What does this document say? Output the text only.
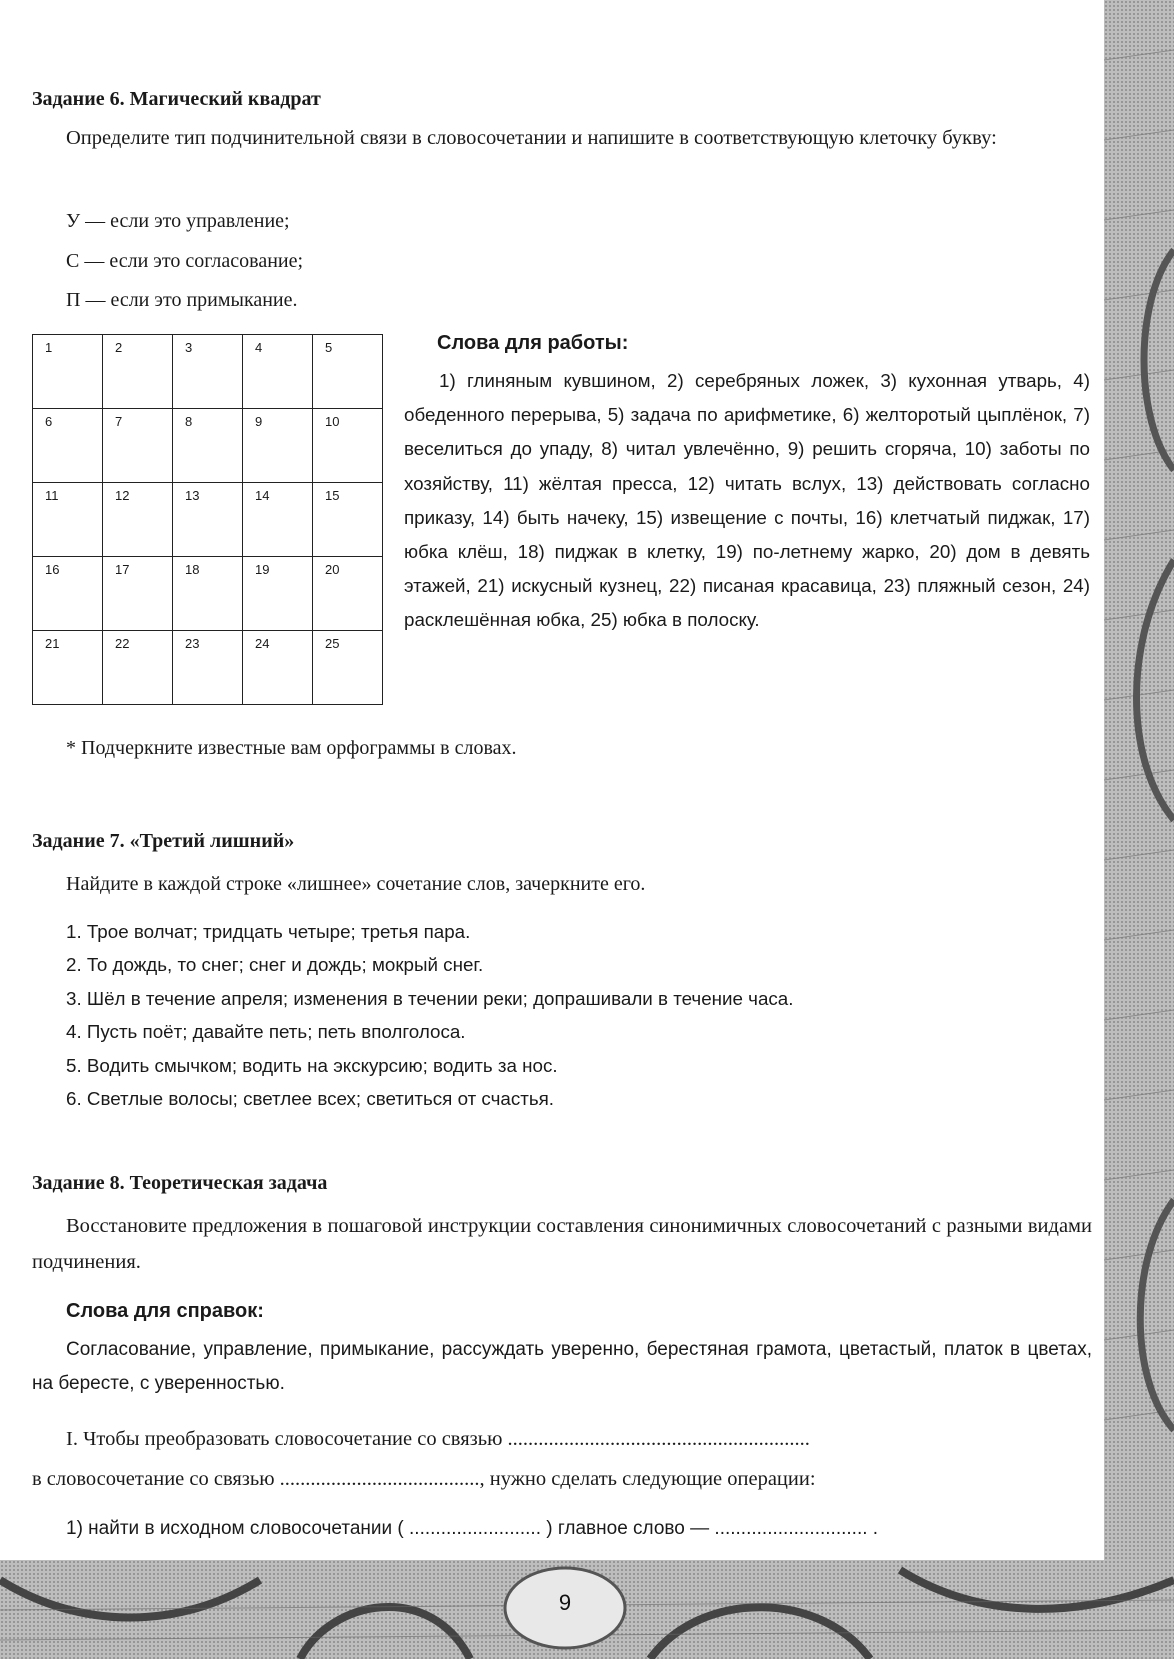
Задание 6. Магический квадрат
Определите тип подчинительной связи в словосочетании и напишите в соответствующую клеточку букву:
У — если это управление;
С — если это согласование;
П — если это примыкание.
1	2	3	4	5
6	7	8	9	10
11	12	13	14	15
16	17	18	19	20
21	22	23	24	25
Слова для работы:
1) глиняным кувшином, 2) серебряных ложек, 3) кухонная утварь, 4) обеденного перерыва, 5) задача по арифметике, 6) желторотый цыплёнок, 7) веселиться до упаду, 8) читал увлечённо, 9) решить сгоряча, 10) заботы по хозяйству, 11) жёлтая пресса, 12) читать вслух, 13) действовать согласно приказу, 14) быть начеку, 15) извещение с почты, 16) клетчатый пиджак, 17) юбка клёш, 18) пиджак в клетку, 19) по-летнему жарко, 20) дом в девять этажей, 21) искусный кузнец, 22) писаная красавица, 23) пляжный сезон, 24) расклешённая юбка, 25) юбка в полоску.
* Подчеркните известные вам орфограммы в словах.
Задание 7. «Третий лишний»
Найдите в каждой строке «лишнее» сочетание слов, зачеркните его.
1. Трое волчат; тридцать четыре; третья пара.
2. То дождь, то снег; снег и дождь; мокрый снег.
3. Шёл в течение апреля; изменения в течении реки; допрашивали в течение часа.
4. Пусть поёт; давайте петь; петь вполголоса.
5. Водить смычком; водить на экскурсию; водить за нос.
6. Светлые волосы; светлее всех; светиться от счастья.
Задание 8. Теоретическая задача
Восстановите предложения в пошаговой инструкции составления синонимичных словосочетаний с разными видами подчинения.
Слова для справок:
Согласование, управление, примыкание, рассуждать уверенно, берестяная грамота, цветастый, платок в цветах, на бересте, с уверенностью.
I. Чтобы преобразовать словосочетание со связью ...........................................................
в словосочетание со связью ......................................., нужно сделать следующие операции:
1) найти в исходном словосочетании ( ......................... ) главное слово — ............................. .
9
